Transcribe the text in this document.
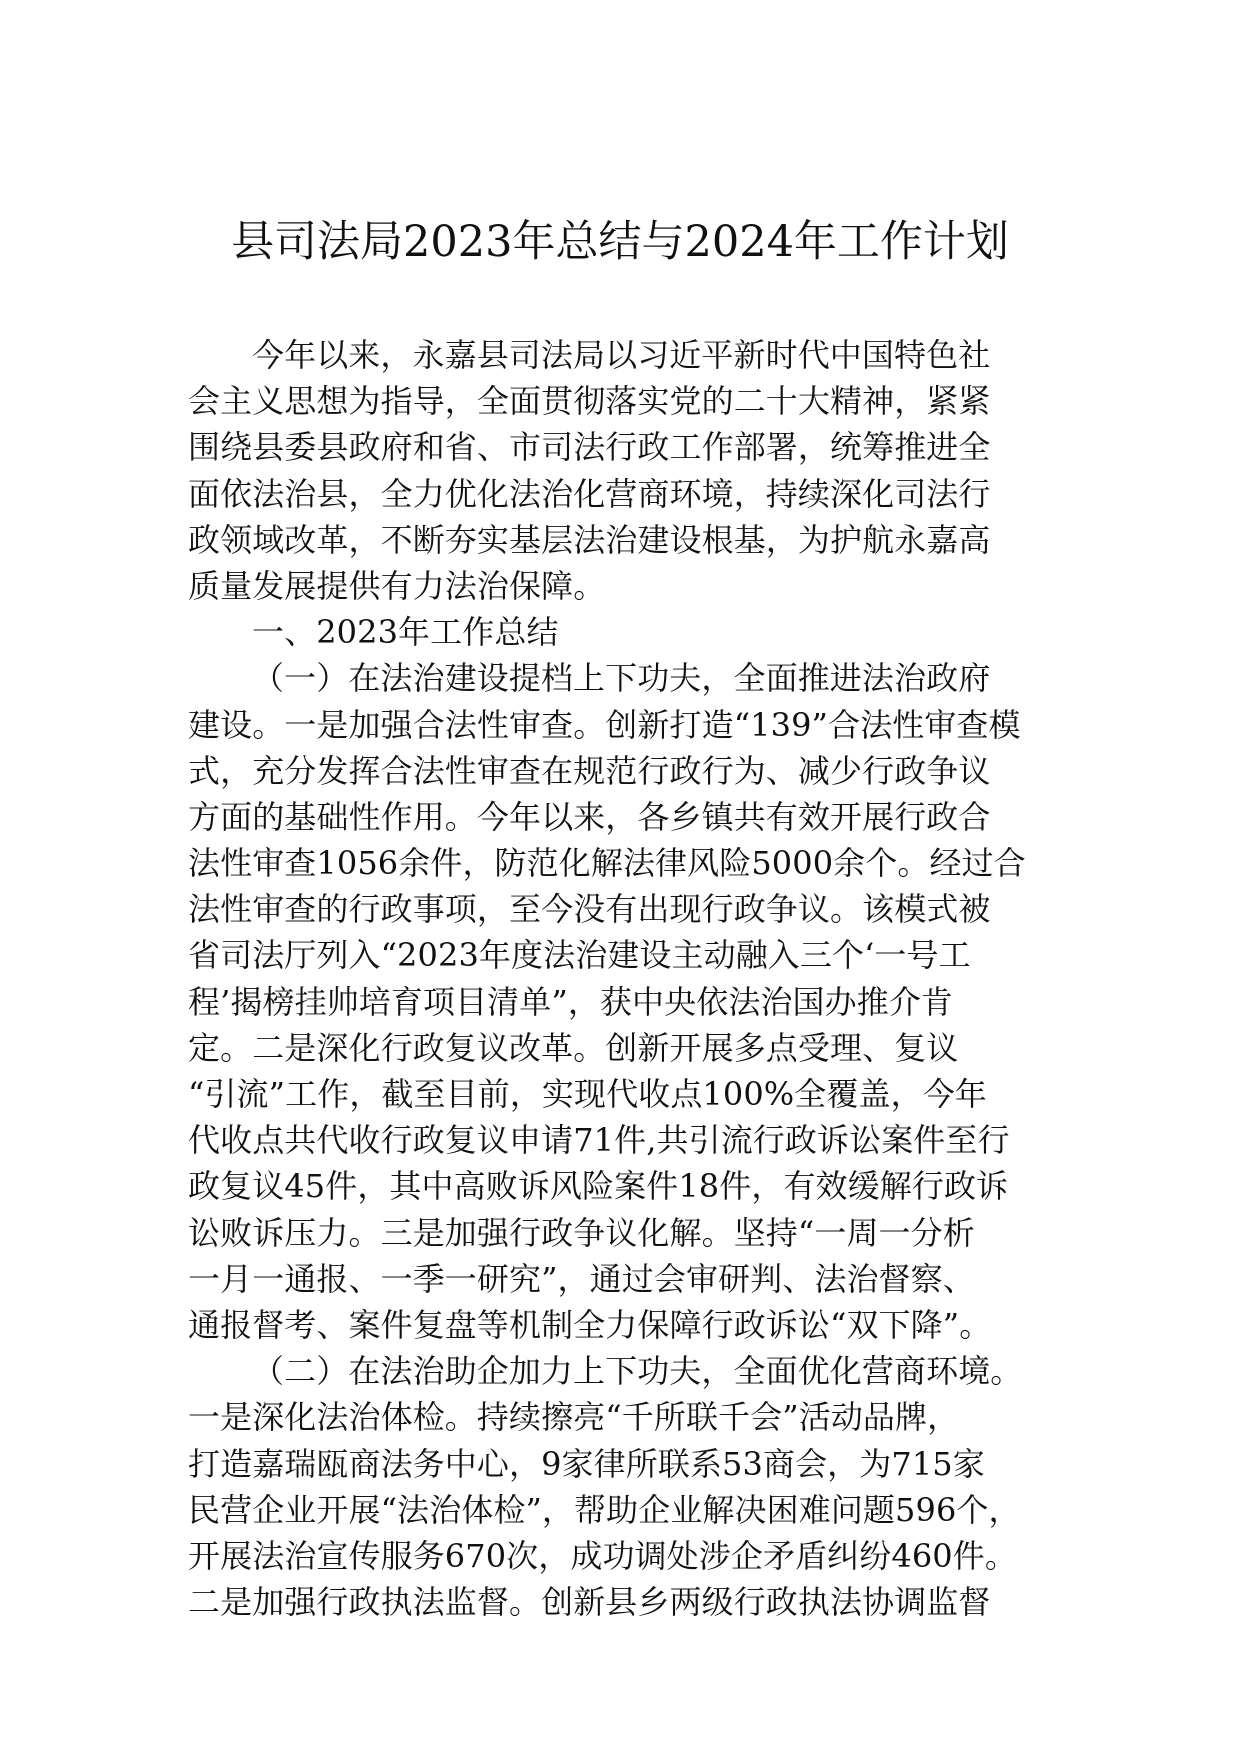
县司法局2023年总结与2024年工作计划
今年以来，永嘉县司法局以习近平新时代中国特色社
会主义思想为指导，全面贯彻落实党的二十大精神，紧紧
围绕县委县政府和省、市司法行政工作部署，统筹推进全
面依法治县，全力优化法治化营商环境，持续深化司法行
政领域改革，不断夯实基层法治建设根基，为护航永嘉高
质量发展提供有力法治保障。
一、2023年工作总结
（一）在法治建设提档上下功夫，全面推进法治政府
建设。一是加强合法性审查。创新打造“139”合法性审查模
式，充分发挥合法性审查在规范行政行为、减少行政争议
方面的基础性作用。今年以来，各乡镇共有效开展行政合
法性审查1056余件，防范化解法律风险5000余个。经过合
法性审查的行政事项，至今没有出现行政争议。该模式被
省司法厅列入“2023年度法治建设主动融入三个‘一号工
程’揭榜挂帅培育项目清单”，获中央依法治国办推介肯
定。二是深化行政复议改革。创新开展多点受理、复议
“引流”工作，截至目前，实现代收点100%全覆盖，今年
代收点共代收行政复议申请71件,共引流行政诉讼案件至行
政复议45件，其中高败诉风险案件18件，有效缓解行政诉
讼败诉压力。三是加强行政争议化解。坚持“一周一分析
一月一通报、一季一研究”，通过会审研判、法治督察、
通报督考、案件复盘等机制全力保障行政诉讼“双下降”。
（二）在法治助企加力上下功夫，全面优化营商环境。
一是深化法治体检。持续擦亮“千所联千会”活动品牌，
打造嘉瑞瓯商法务中心，9家律所联系53商会，为715家
民营企业开展“法治体检”，帮助企业解决困难问题596个，
开展法治宣传服务670次，成功调处涉企矛盾纠纷460件。
二是加强行政执法监督。创新县乡两级行政执法协调监督
